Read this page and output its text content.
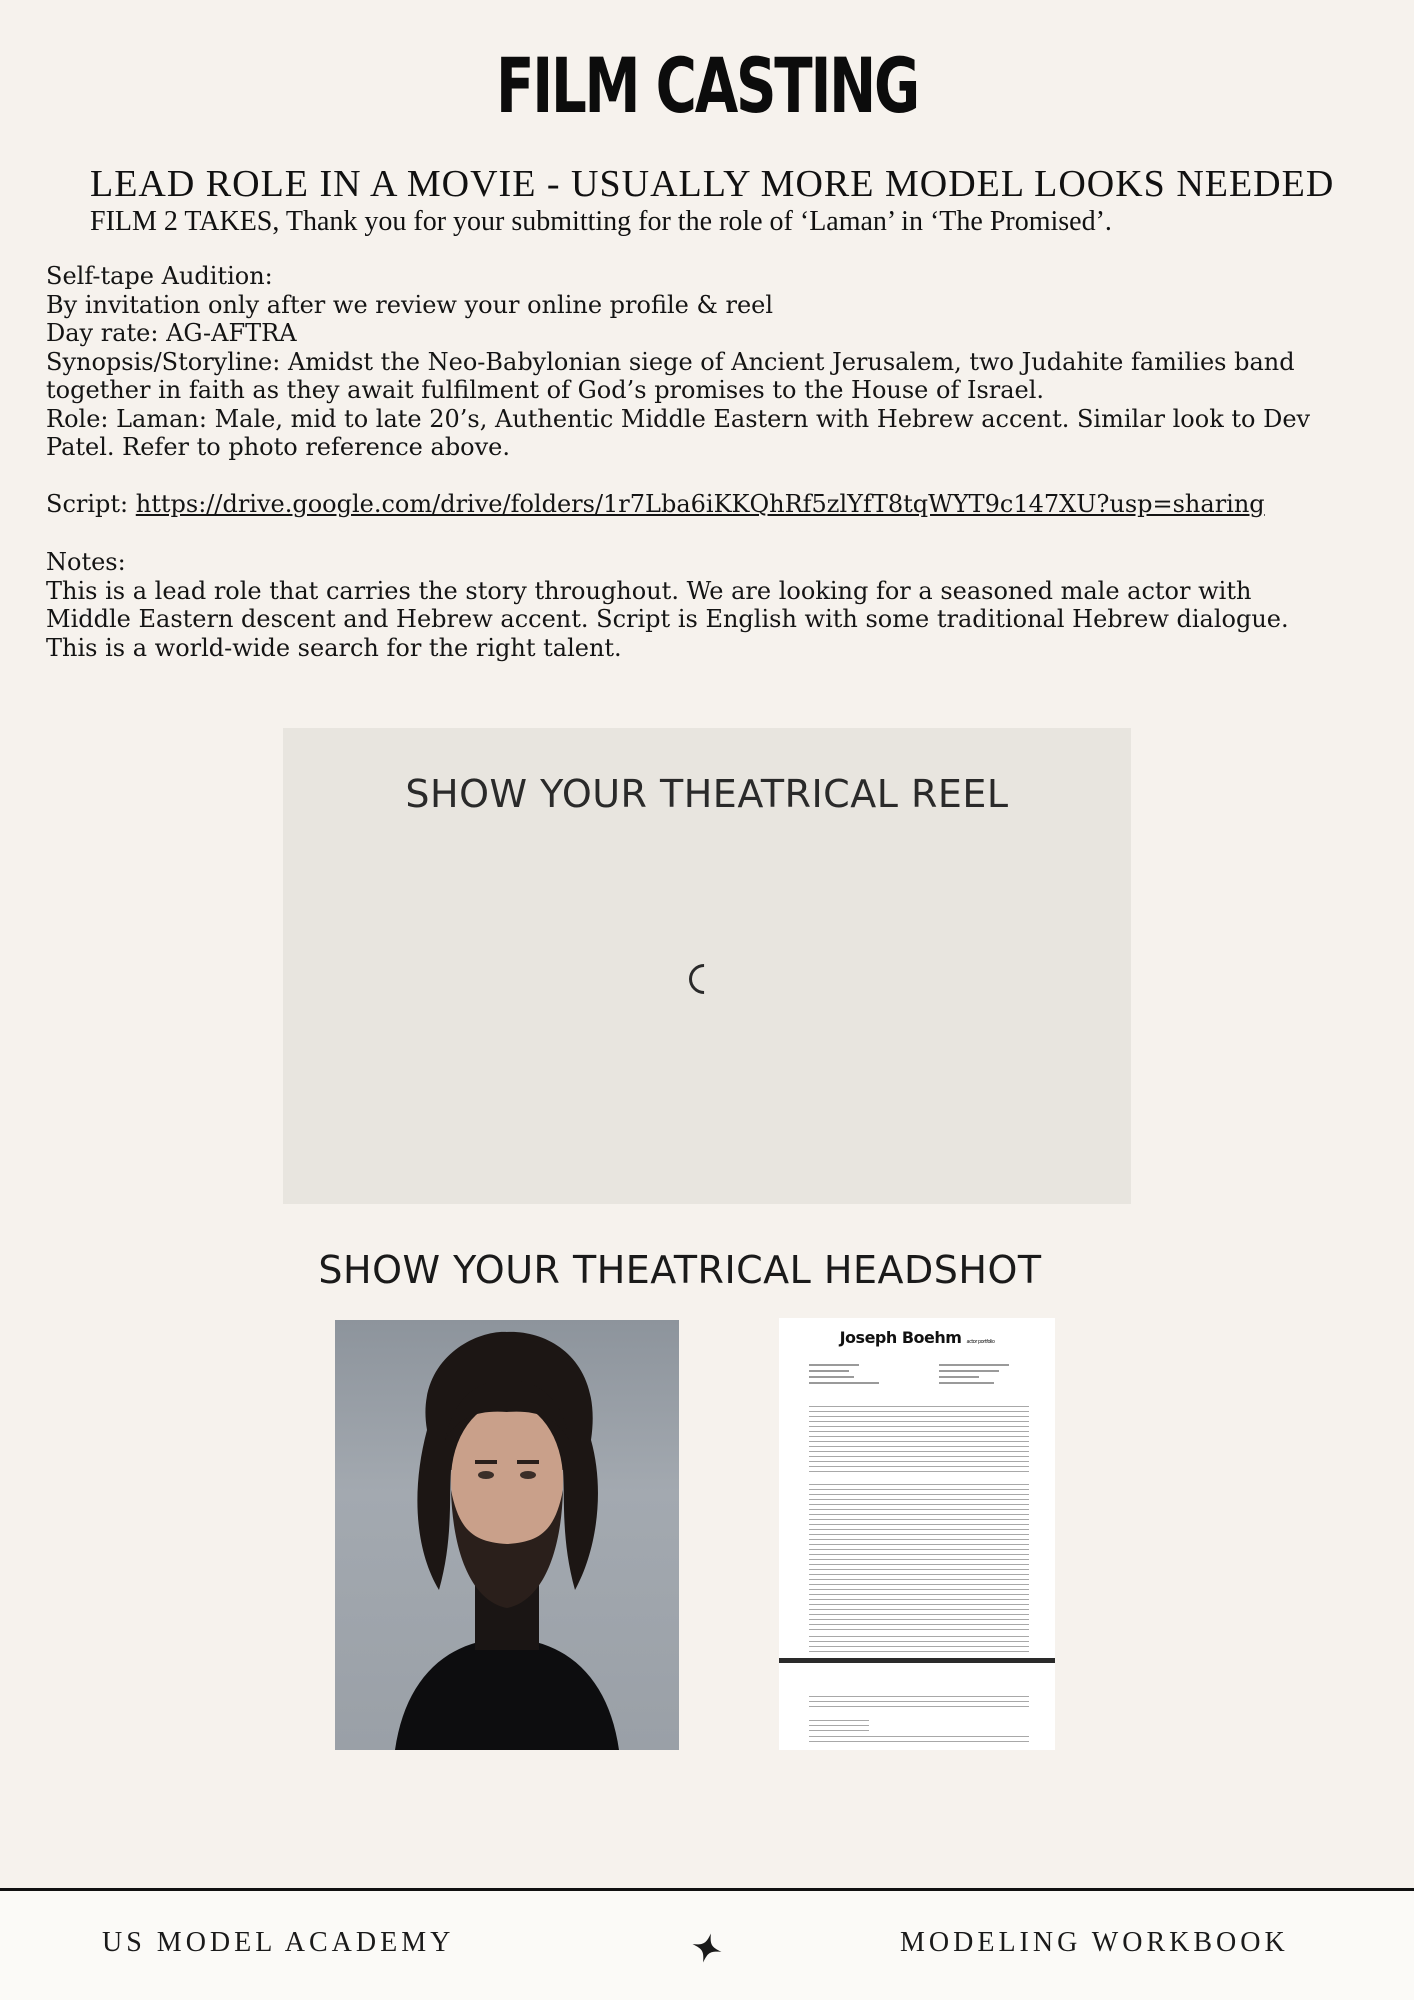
FILM CASTING
LEAD ROLE IN A MOVIE - USUALLY MORE MODEL LOOKS NEEDED
FILM 2 TAKES, Thank you for your submitting for the role of ‘Laman’ in ‘The Promised’.
Self-tape Audition:
By invitation only after we review your online profile & reel
Day rate: AG-AFTRA
Synopsis/Storyline: Amidst the Neo-Babylonian siege of Ancient Jerusalem, two Judahite families band
together in faith as they await fulfilment of God’s promises to the House of Israel.
Role: Laman: Male, mid to late 20’s, Authentic Middle Eastern with Hebrew accent. Similar look to Dev
Patel. Refer to photo reference above.
Script: https://drive.google.com/drive/folders/1r7Lba6iKKQhRf5zlYfT8tqWYT9c147XU?usp=sharing
Notes:
This is a lead role that carries the story throughout. We are looking for a seasoned male actor with
Middle Eastern descent and Hebrew accent. Script is English with some traditional Hebrew dialogue.
This is a world-wide search for the right talent.
SHOW YOUR THEATRICAL REEL
SHOW YOUR THEATRICAL HEADSHOT
Joseph Boehm actor portfolio
US MODEL ACADEMY	MODELING WORKBOOK
